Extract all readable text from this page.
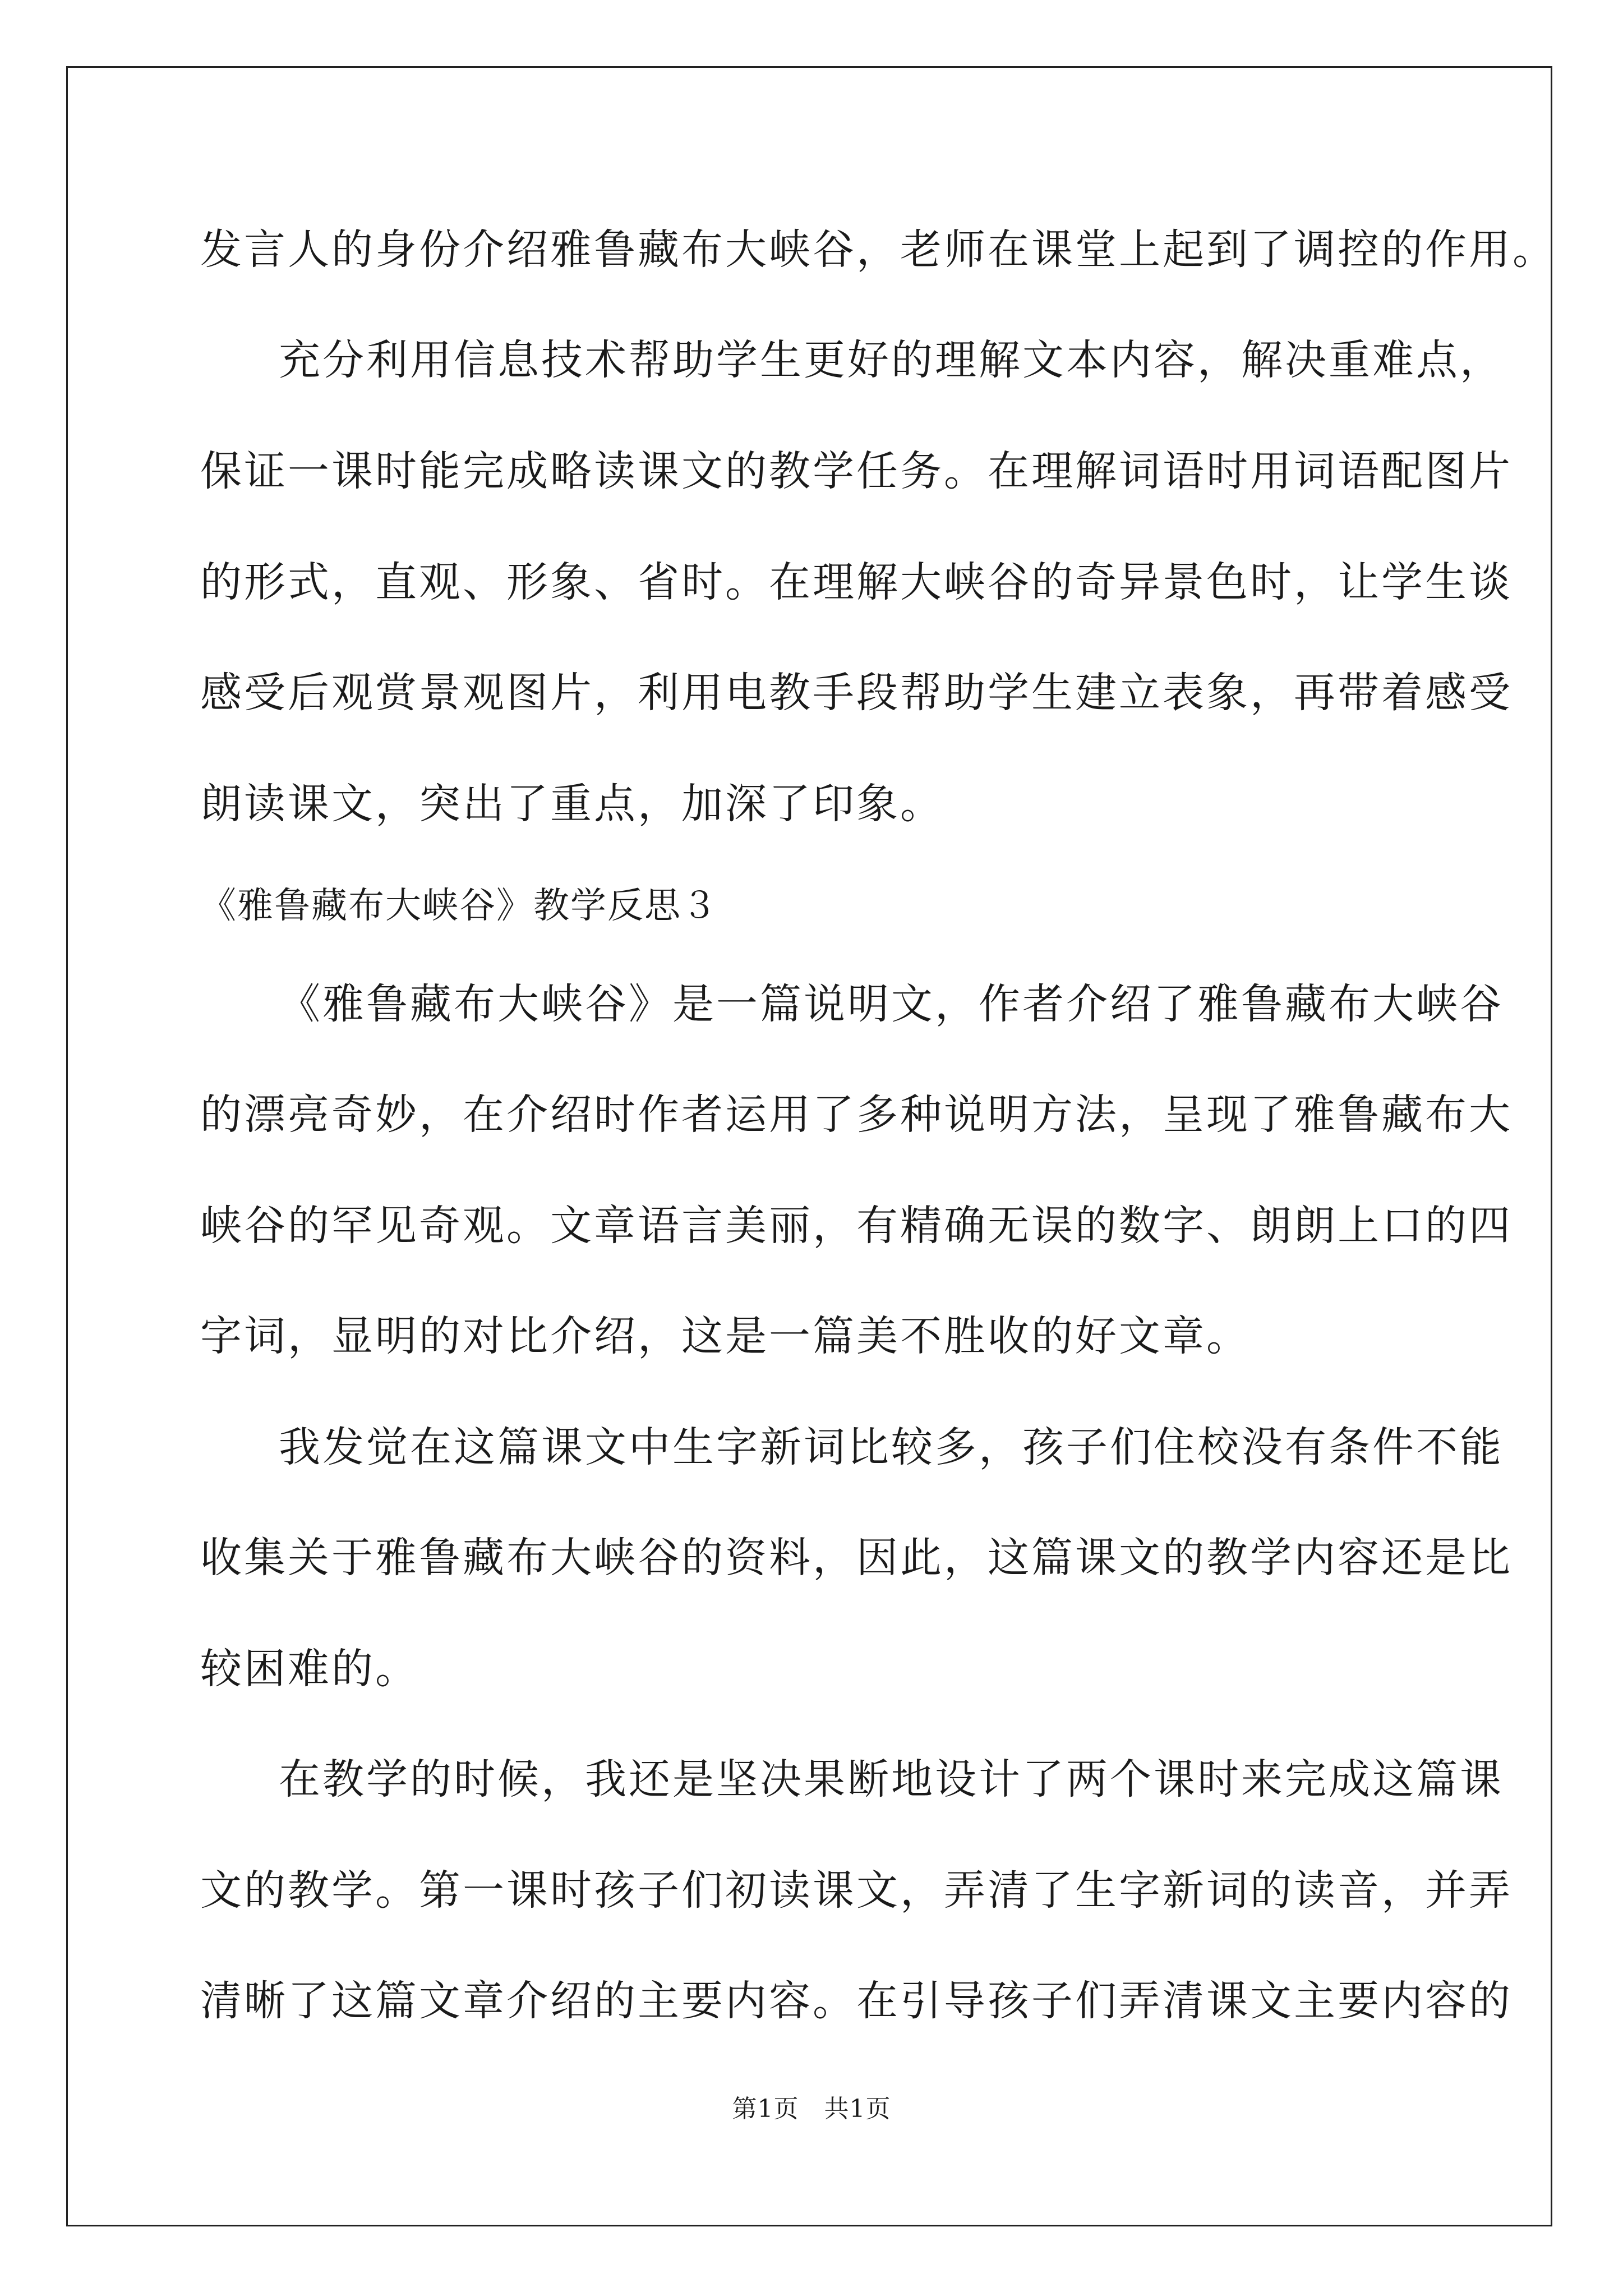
发言人的身份介绍雅鲁藏布大峡谷，老师在课堂上起到了调控的作用。
充分利用信息技术帮助学生更好的理解文本内容，解决重难点，
保证一课时能完成略读课文的教学任务。在理解词语时用词语配图片
的形式，直观、形象、省时。在理解大峡谷的奇异景色时，让学生谈
感受后观赏景观图片，利用电教手段帮助学生建立表象，再带着感受
朗读课文，突出了重点，加深了印象。
《雅鲁藏布大峡谷》教学反思３
《雅鲁藏布大峡谷》是一篇说明文，作者介绍了雅鲁藏布大峡谷
的漂亮奇妙，在介绍时作者运用了多种说明方法，呈现了雅鲁藏布大
峡谷的罕见奇观。文章语言美丽，有精确无误的数字、朗朗上口的四
字词，显明的对比介绍，这是一篇美不胜收的好文章。
我发觉在这篇课文中生字新词比较多，孩子们住校没有条件不能
收集关于雅鲁藏布大峡谷的资料，因此，这篇课文的教学内容还是比
较困难的。
在教学的时候，我还是坚决果断地设计了两个课时来完成这篇课
文的教学。第一课时孩子们初读课文，弄清了生字新词的读音，并弄
清晰了这篇文章介绍的主要内容。在引导孩子们弄清课文主要内容的
第1页　共1页
